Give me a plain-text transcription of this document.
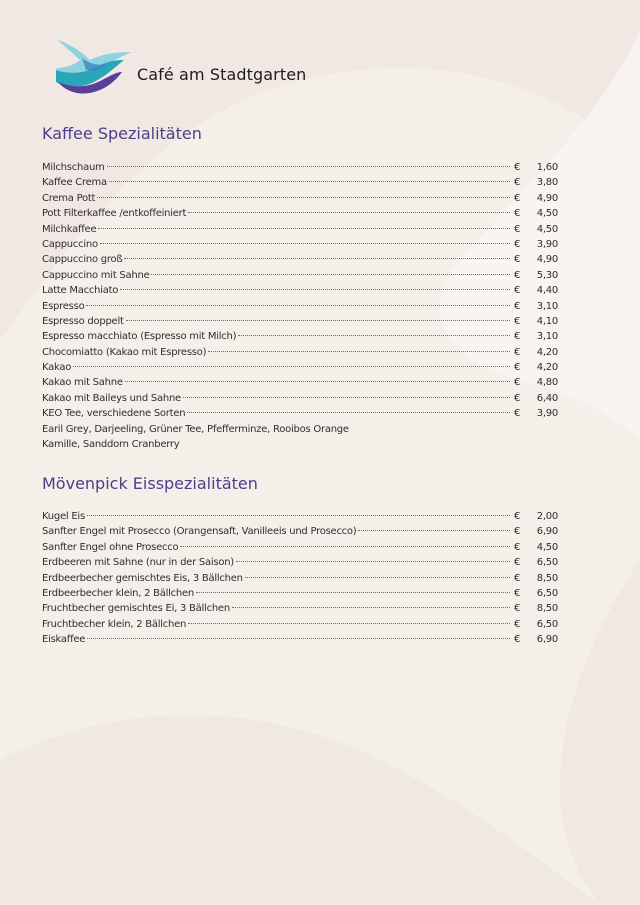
Café am Stadtgarten
Kaffee Spezialitäten
Milchschaum	€	1,60
Kaffee Crema	€	3,80
Crema Pott	€	4,90
Pott Filterkaffee /entkoffeiniert	€	4,50
Milchkaffee	€	4,50
Cappuccino	€	3,90
Cappuccino groß	€	4,90
Cappuccino mit Sahne	€	5,30
Latte Macchiato	€	4,40
Espresso	€	3,10
Espresso doppelt	€	4,10
Espresso macchiato (Espresso mit Milch)	€	3,10
Chocomiatto (Kakao mit Espresso)	€	4,20
Kakao	€	4,20
Kakao mit Sahne	€	4,80
Kakao mit Baileys und Sahne	€	6,40
KEO Tee, verschiedene Sorten	€	3,90
Earil Grey, Darjeeling, Grüner Tee, Pfefferminze, Rooibos Orange
Kamille, Sanddorn Cranberry
Mövenpick Eisspezialitäten
Kugel Eis	€	2,00
Sanfter Engel mit Prosecco (Orangensaft, Vanilleeis und Prosecco)	€	6,90
Sanfter Engel ohne Prosecco	€	4,50
Erdbeeren mit Sahne (nur in der Saison)	€	6,50
Erdbeerbecher gemischtes Eis, 3 Bällchen	€	8,50
Erdbeerbecher klein, 2 Bällchen	€	6,50
Fruchtbecher gemischtes Ei, 3 Bällchen	€	8,50
Fruchtbecher klein, 2 Bällchen	€	6,50
Eiskaffee	€	6,90
